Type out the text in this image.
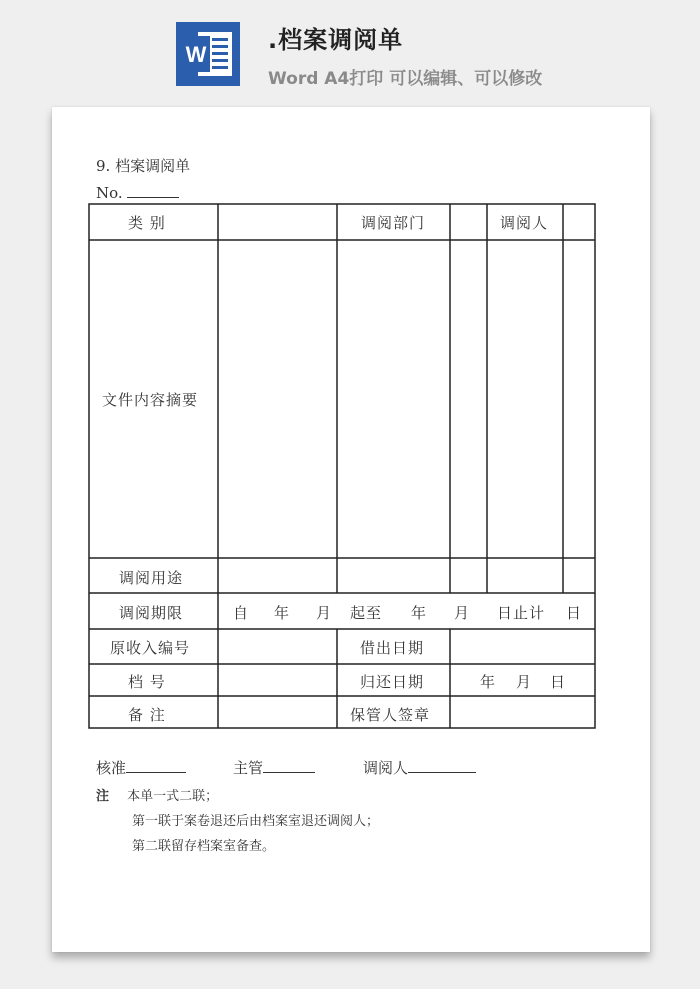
W
.档案调阅单
Word A4打印 可以编辑、可以修改
9. 档案调阅单
No.
类 别	调阅部门	调阅人
文件内容摘要
调阅用途
调阅期限	自 年 月 起至 年 月 日止计 日
原收入编号	借出日期
档 号	归还日期	年 月 日
备 注	保管人签章
核准	主管	调阅人
注 本单一式二联；
第一联于案卷退还后由档案室退还调阅人；
第二联留存档案室备查。
